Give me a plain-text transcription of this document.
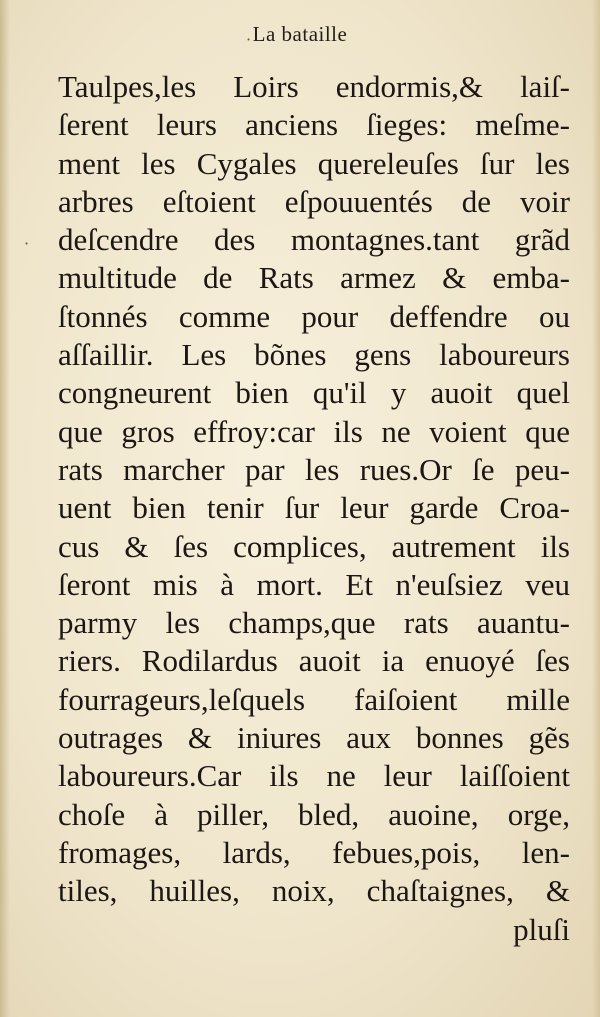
·
·
La bataille
Taulpes,les Loirs endormis,& laiſ-
ſerent leurs anciens ſieges: meſme-
ment les Cygales querelеuſes ſur les
arbres eſtoient eſpouuentés de voir
deſcendre des montagnes.tant grãd
multitude de Rats armez & emba-
ſtonnés comme pour deffendre ou
aſſaillir. Les bõnes gens laboureurs
congneurent bien qu'il y auoit quel
que gros effroy:car ils ne voient que
rats marcher par les rues.Or ſe peu-
uent bien tenir ſur leur garde Croa-
cus & ſes complices, autrement ils
ſeront mis à mort. Et n'euſsiez veu
parmy les champs,que rats auantu-
riers. Rodilardus auoit ia enuoyé ſes
fourrageurs,leſquels faiſoient mille
outrages & iniures aux bonnes gẽs
laboureurs.Car ils ne leur laiſſoient
choſe à piller, bled, auoine, orge,
fromages, lards, febues,pois, len-
tiles, huilles, noix, chaſtaignes, &
pluſi
